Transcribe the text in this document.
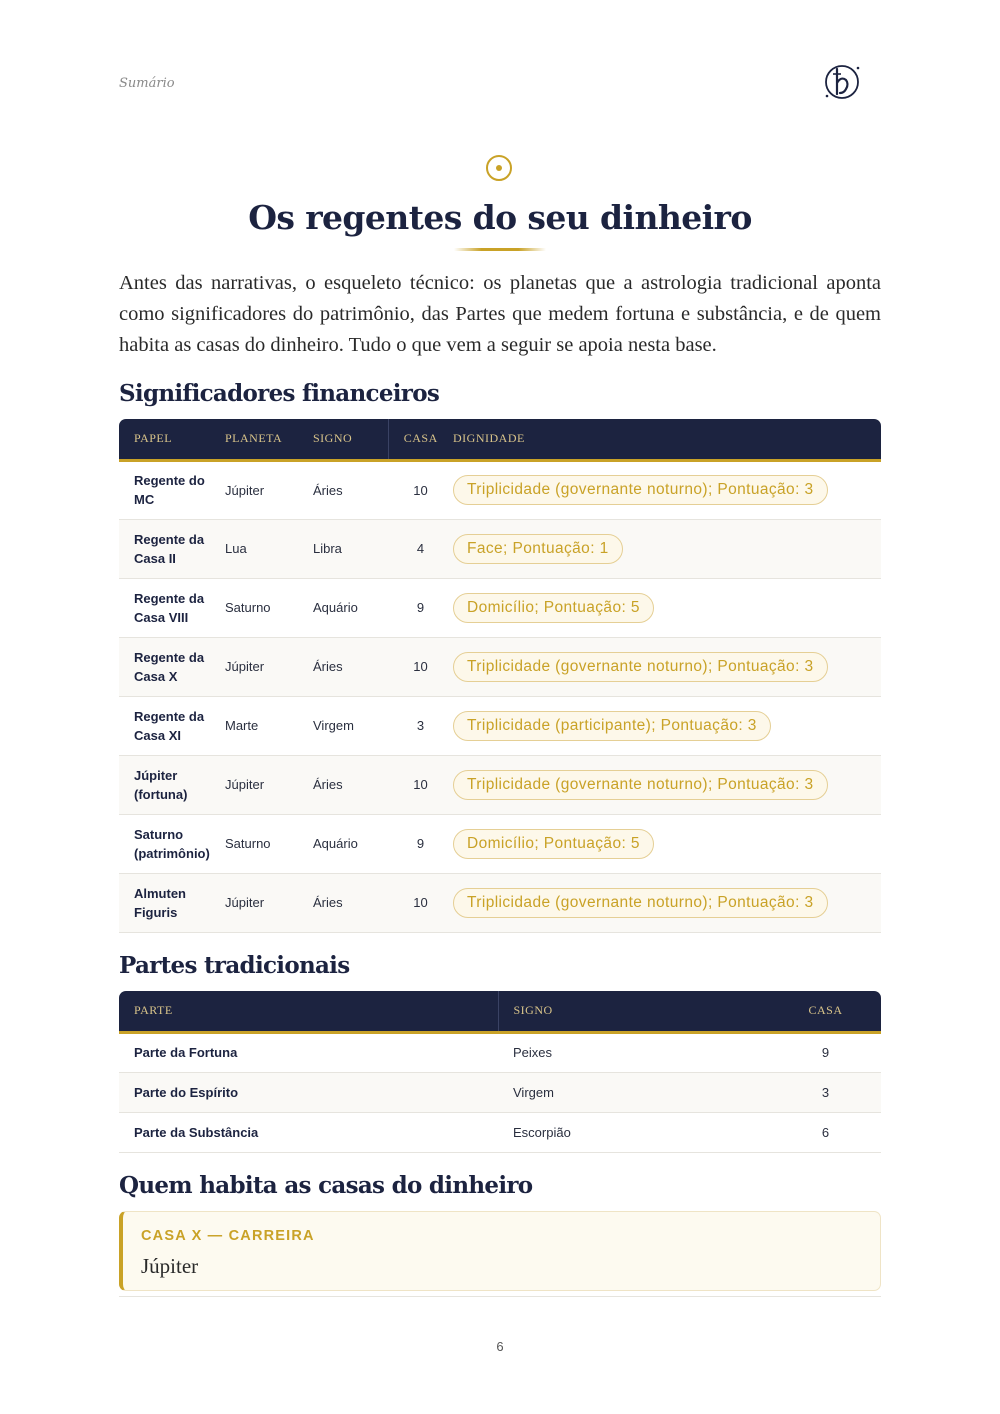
Sumário
Os regentes do seu dinheiro

Antes das narrativas, o esqueleto técnico: os planetas que a astrologia tradicional aponta como significadores do patrimônio, das Partes que medem fortuna e substância, e de quem habita as casas do dinheiro. Tudo o que vem a seguir se apoia nesta base.

Significadores financeiros
PAPEL	PLANETA	SIGNO	CASA	DIGNIDADE
Regente do MC	Júpiter	Áries	10	Triplicidade (governante noturno); Pontuação: 3
Regente da Casa II	Lua	Libra	4	Face; Pontuação: 1
Regente da Casa VIII	Saturno	Aquário	9	Domicílio; Pontuação: 5
Regente da Casa X	Júpiter	Áries	10	Triplicidade (governante noturno); Pontuação: 3
Regente da Casa XI	Marte	Virgem	3	Triplicidade (participante); Pontuação: 3
Júpiter (fortuna)	Júpiter	Áries	10	Triplicidade (governante noturno); Pontuação: 3
Saturno (patrimônio)	Saturno	Aquário	9	Domicílio; Pontuação: 5
Almuten Figuris	Júpiter	Áries	10	Triplicidade (governante noturno); Pontuação: 3
Partes tradicionais
PARTE	SIGNO	CASA
Parte da Fortuna	Peixes	9
Parte do Espírito	Virgem	3
Parte da Substância	Escorpião	6
Quem habita as casas do dinheiro
CASA X — CARREIRA
Júpiter
6
